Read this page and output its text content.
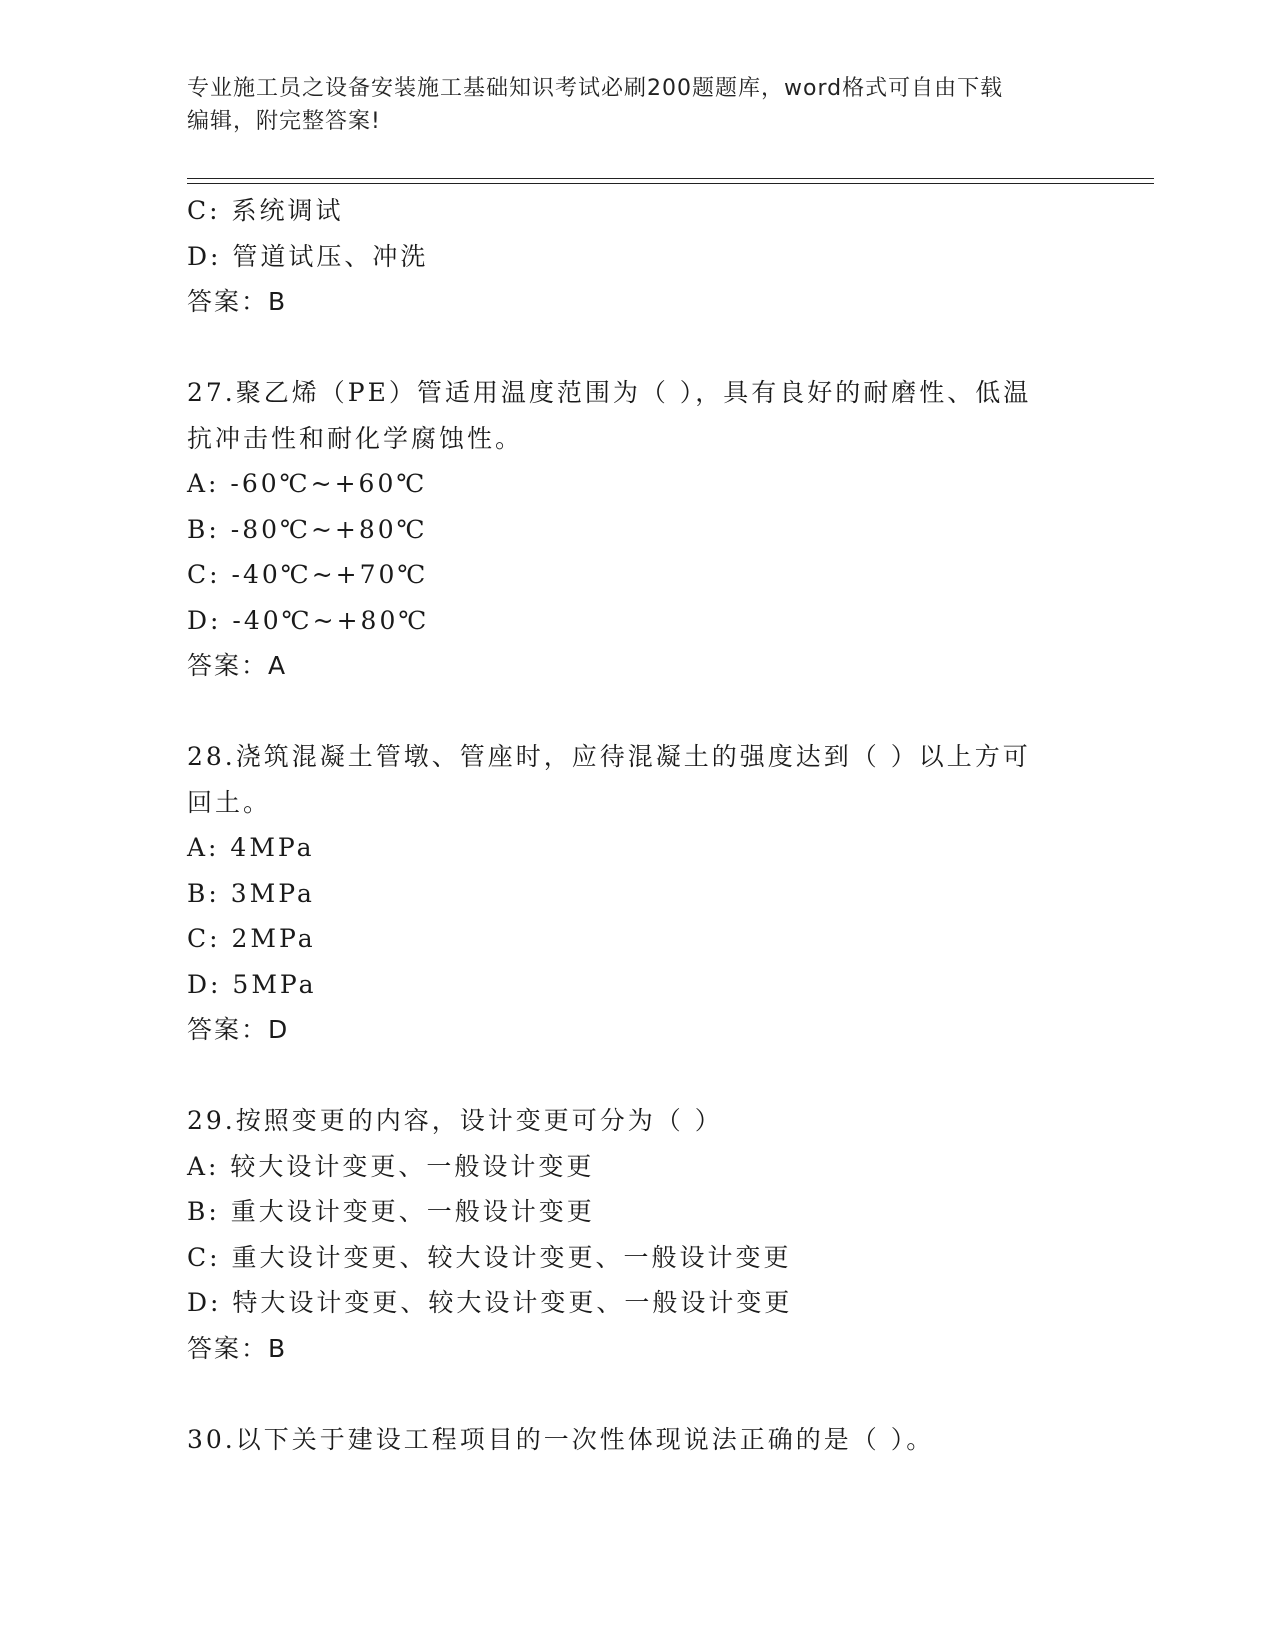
专业施工员之设备安装施工基础知识考试必刷200题题库，word格式可自由下载
编辑，附完整答案!
C: 系统调试
D: 管道试压、冲洗
答案：B
27.聚乙烯（PE）管适用温度范围为（ ），具有良好的耐磨性、低温
抗冲击性和耐化学腐蚀性。
A: -60℃~+60℃
B: -80℃~+80℃
C: -40℃~+70℃
D: -40℃~+80℃
答案：A
28.浇筑混凝土管墩、管座时，应待混凝土的强度达到（ ）以上方可
回土。
A: 4MPa
B: 3MPa
C: 2MPa
D: 5MPa
答案：D
29.按照变更的内容，设计变更可分为（ ）
A: 较大设计变更、一般设计变更
B: 重大设计变更、一般设计变更
C: 重大设计变更、较大设计变更、一般设计变更
D: 特大设计变更、较大设计变更、一般设计变更
答案：B
30.以下关于建设工程项目的一次性体现说法正确的是（ ）。
